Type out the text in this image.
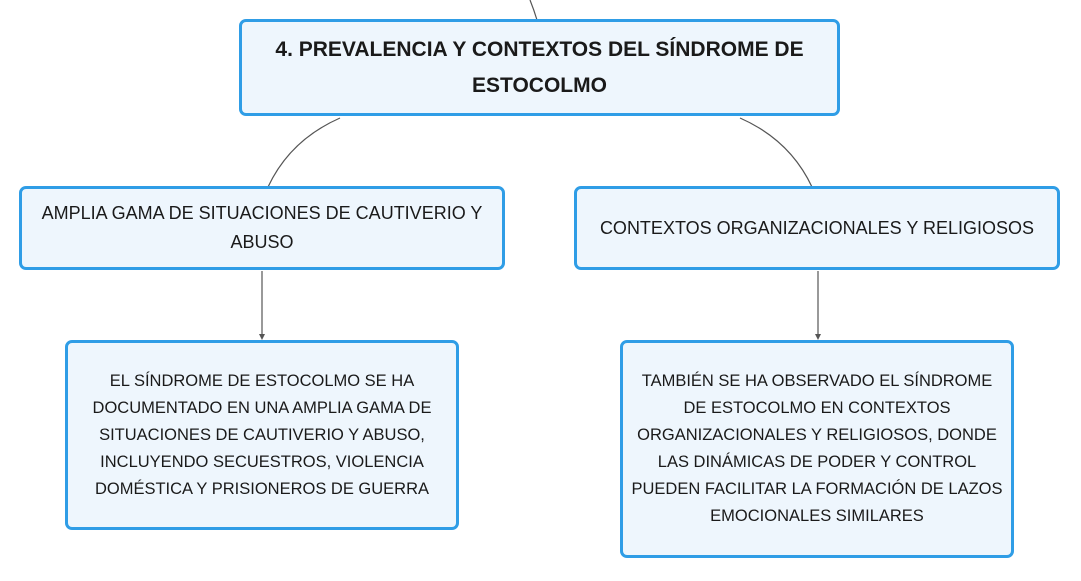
4. PREVALENCIA Y CONTEXTOS DEL SÍNDROME DE ESTOCOLMO
AMPLIA GAMA DE SITUACIONES DE CAUTIVERIO Y ABUSO
CONTEXTOS ORGANIZACIONALES Y RELIGIOSOS
EL SÍNDROME DE ESTOCOLMO SE HA DOCUMENTADO EN UNA AMPLIA GAMA DE SITUACIONES DE CAUTIVERIO Y ABUSO, INCLUYENDO SECUESTROS, VIOLENCIA DOMÉSTICA Y PRISIONEROS DE GUERRA
TAMBIÉN SE HA OBSERVADO EL SÍNDROME DE ESTOCOLMO EN CONTEXTOS ORGANIZACIONALES Y RELIGIOSOS, DONDE LAS DINÁMICAS DE PODER Y CONTROL PUEDEN FACILITAR LA FORMACIÓN DE LAZOS EMOCIONALES SIMILARES
